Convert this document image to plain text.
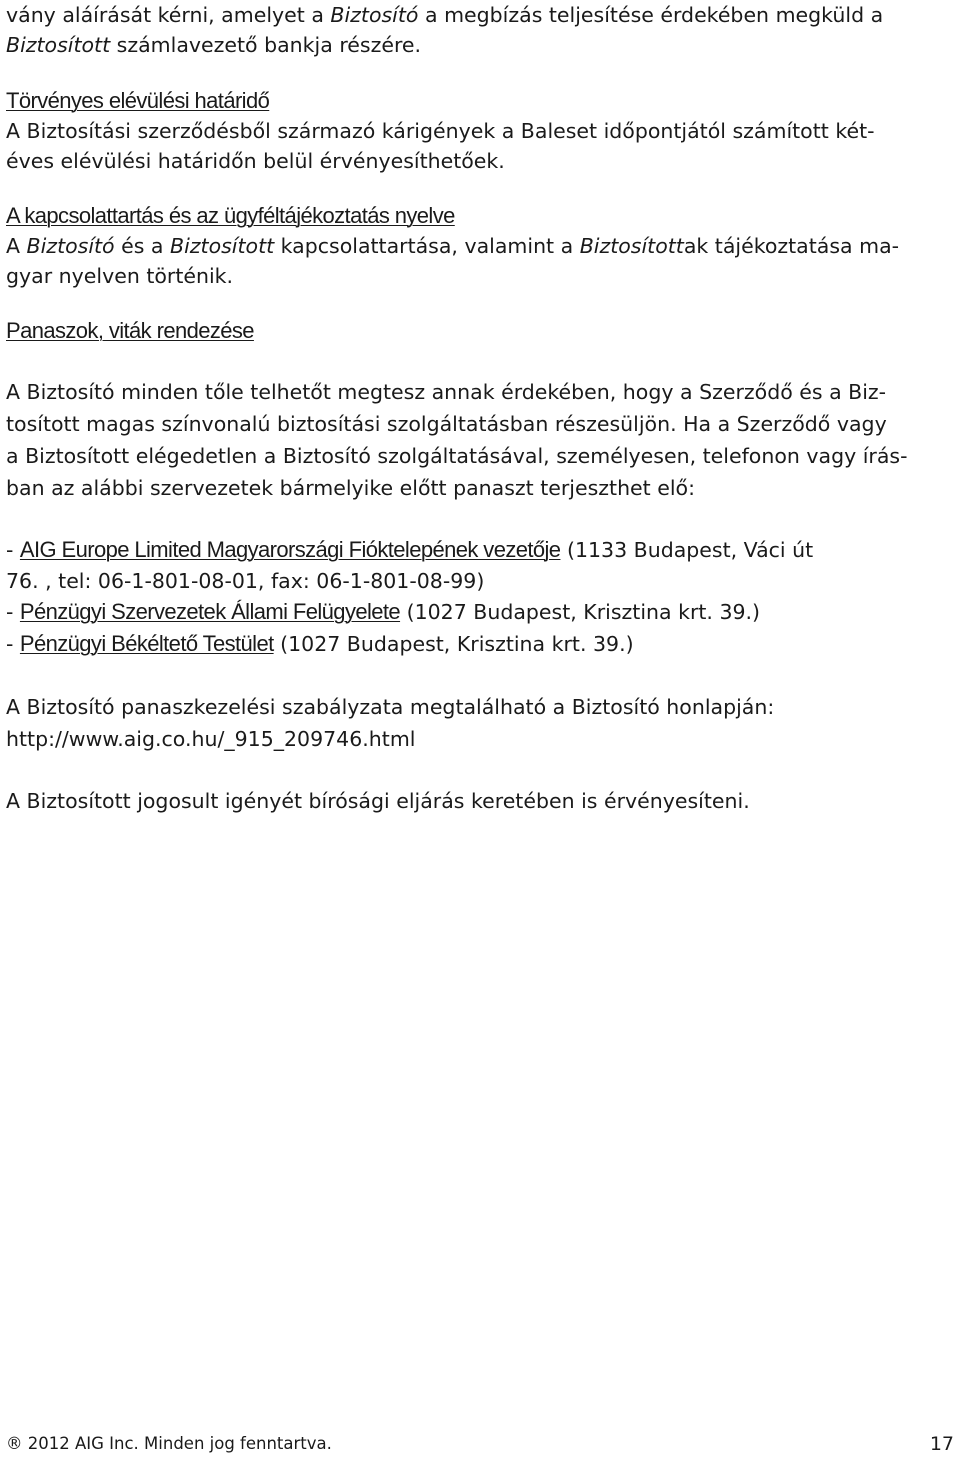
vány aláírását kérni, amelyet a Biztosító a megbízás teljesítése érdekében megküld a
Biztosított számlavezető bankja részére.
Törvényes elévülési határidő
A Biztosítási szerződésből származó kárigények a Baleset időpontjától számított két-
éves elévülési határidőn belül érvényesíthetőek.
A kapcsolattartás és az ügyféltájékoztatás nyelve
A Biztosító és a Biztosított kapcsolattartása, valamint a Biztosítottak tájékoztatása ma-
gyar nyelven történik.
Panaszok, viták rendezése
A Biztosító minden tőle telhetőt megtesz annak érdekében, hogy a Szerződő és a Biz-
tosított magas színvonalú biztosítási szolgáltatásban részesüljön. Ha a Szerződő vagy
a Biztosított elégedetlen a Biztosító szolgáltatásával, személyesen, telefonon vagy írás-
ban az alábbi szervezetek bármelyike előtt panaszt terjeszthet elő:
- AIG Europe Limited Magyarországi Fióktelepének vezetője (1133 Budapest, Váci út
76. , tel: 06-1-801-08-01, fax: 06-1-801-08-99)
- Pénzügyi Szervezetek Állami Felügyelete (1027 Budapest, Krisztina krt. 39.)
- Pénzügyi Békéltető Testület (1027 Budapest, Krisztina krt. 39.)
A Biztosító panaszkezelési szabályzata megtalálható a Biztosító honlapján:
http://www.aig.co.hu/_915_209746.html
A Biztosított jogosult igényét bírósági eljárás keretében is érvényesíteni.
® 2012 AIG Inc. Minden jog fenntartva.	17
